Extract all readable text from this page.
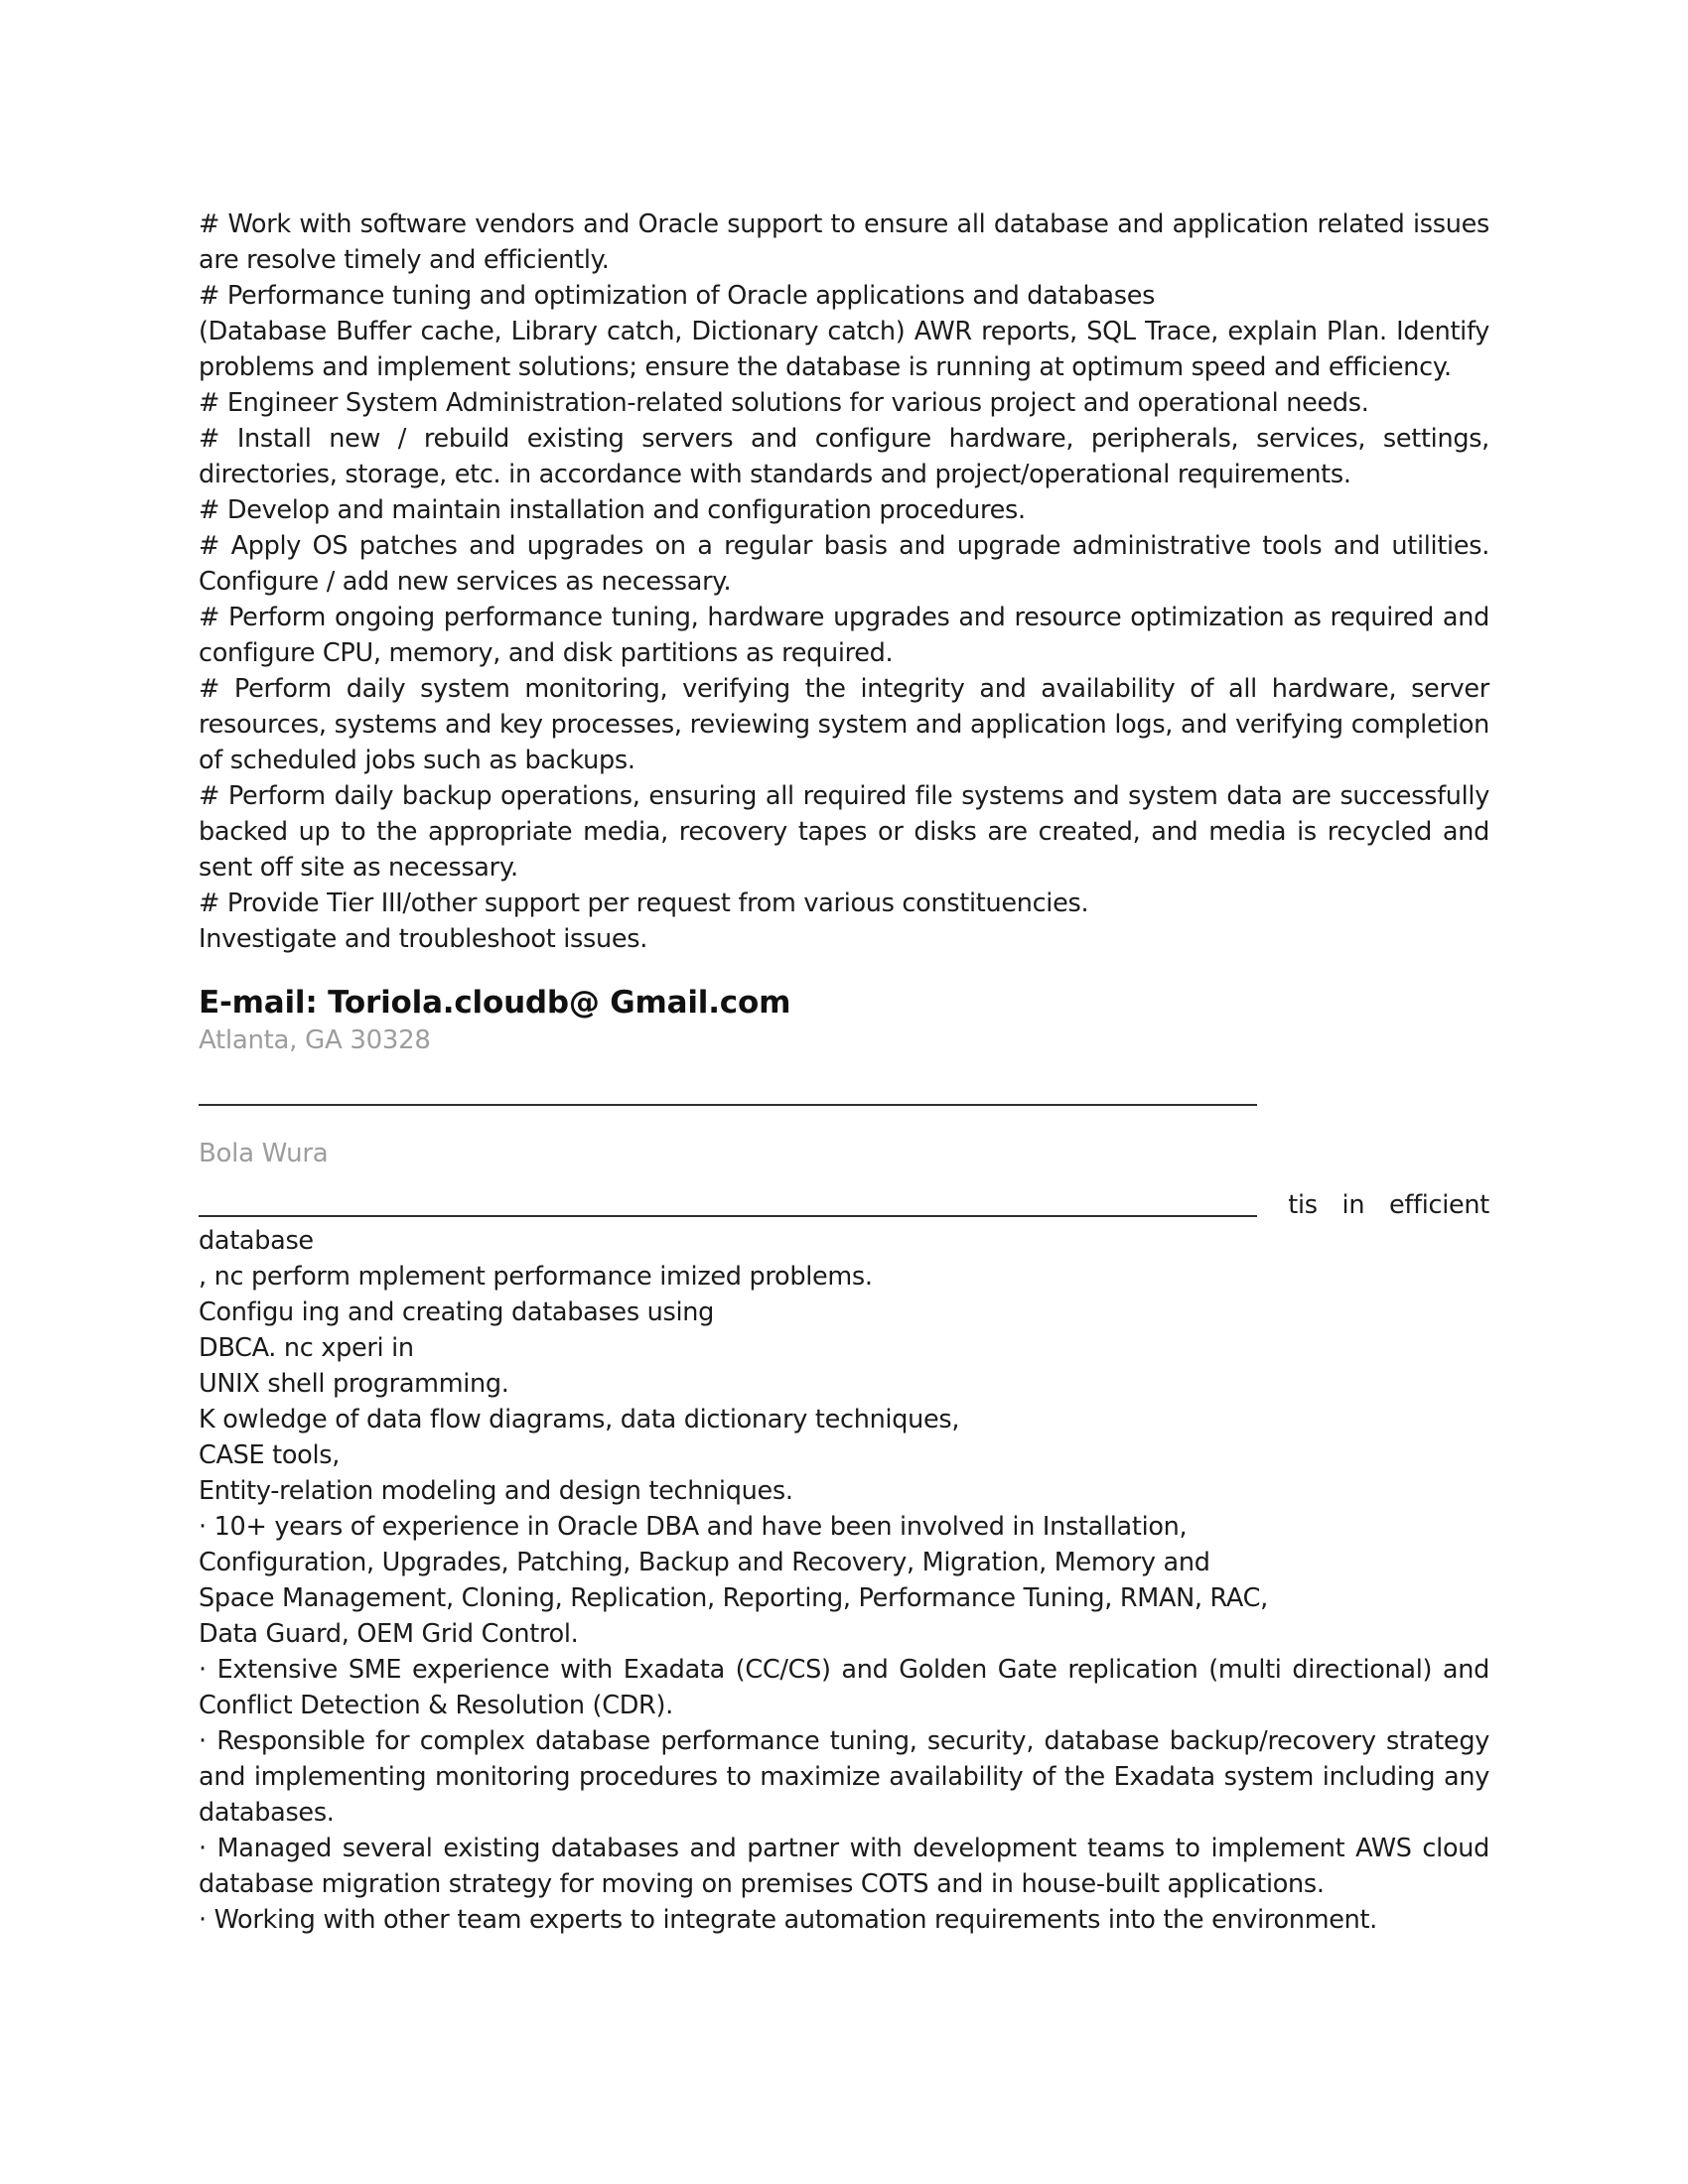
# Work with software vendors and Oracle support to ensure all database and application related issues are resolve timely and efficiently.

# Performance tuning and optimization of Oracle applications and databases

(Database Buffer cache, Library catch, Dictionary catch) AWR reports, SQL Trace, explain Plan. Identify problems and implement solutions; ensure the database is running at optimum speed and efficiency.

# Engineer System Administration-related solutions for various project and operational needs.

# Install new / rebuild existing servers and configure hardware, peripherals, services, settings, directories, storage, etc. in accordance with standards and project/operational requirements.

# Develop and maintain installation and configuration procedures.

# Apply OS patches and upgrades on a regular basis and upgrade administrative tools and utilities. Configure / add new services as necessary.

# Perform ongoing performance tuning, hardware upgrades and resource optimization as required and configure CPU, memory, and disk partitions as required.

# Perform daily system monitoring, verifying the integrity and availability of all hardware, server resources, systems and key processes, reviewing system and application logs, and verifying completion of scheduled jobs such as backups.

# Perform daily backup operations, ensuring all required file systems and system data are successfully backed up to the appropriate media, recovery tapes or disks are created, and media is recycled and sent off site as necessary.

# Provide Tier III/other support per request from various constituencies.

Investigate and troubleshoot issues.

E-mail: Toriola.cloudb@ Gmail.com

Atlanta, GA 30328

Bola Wura

tis in efficient

database

, nc perform mplement performance imized problems.

Configu ing and creating databases using

DBCA. nc xperi in

UNIX shell programming.

K owledge of data flow diagrams, data dictionary techniques,

CASE tools,

Entity-relation modeling and design techniques.

· 10+ years of experience in Oracle DBA and have been involved in Installation,

Configuration, Upgrades, Patching, Backup and Recovery, Migration, Memory and

Space Management, Cloning, Replication, Reporting, Performance Tuning, RMAN, RAC,

Data Guard, OEM Grid Control.

· Extensive SME experience with Exadata (CC/CS) and Golden Gate replication (multi directional) and Conflict Detection & Resolution (CDR).

· Responsible for complex database performance tuning, security, database backup/recovery strategy and implementing monitoring procedures to maximize availability of the Exadata system including any databases.

· Managed several existing databases and partner with development teams to implement AWS cloud database migration strategy for moving on premises COTS and in house-built applications.

· Working with other team experts to integrate automation requirements into the environment.
